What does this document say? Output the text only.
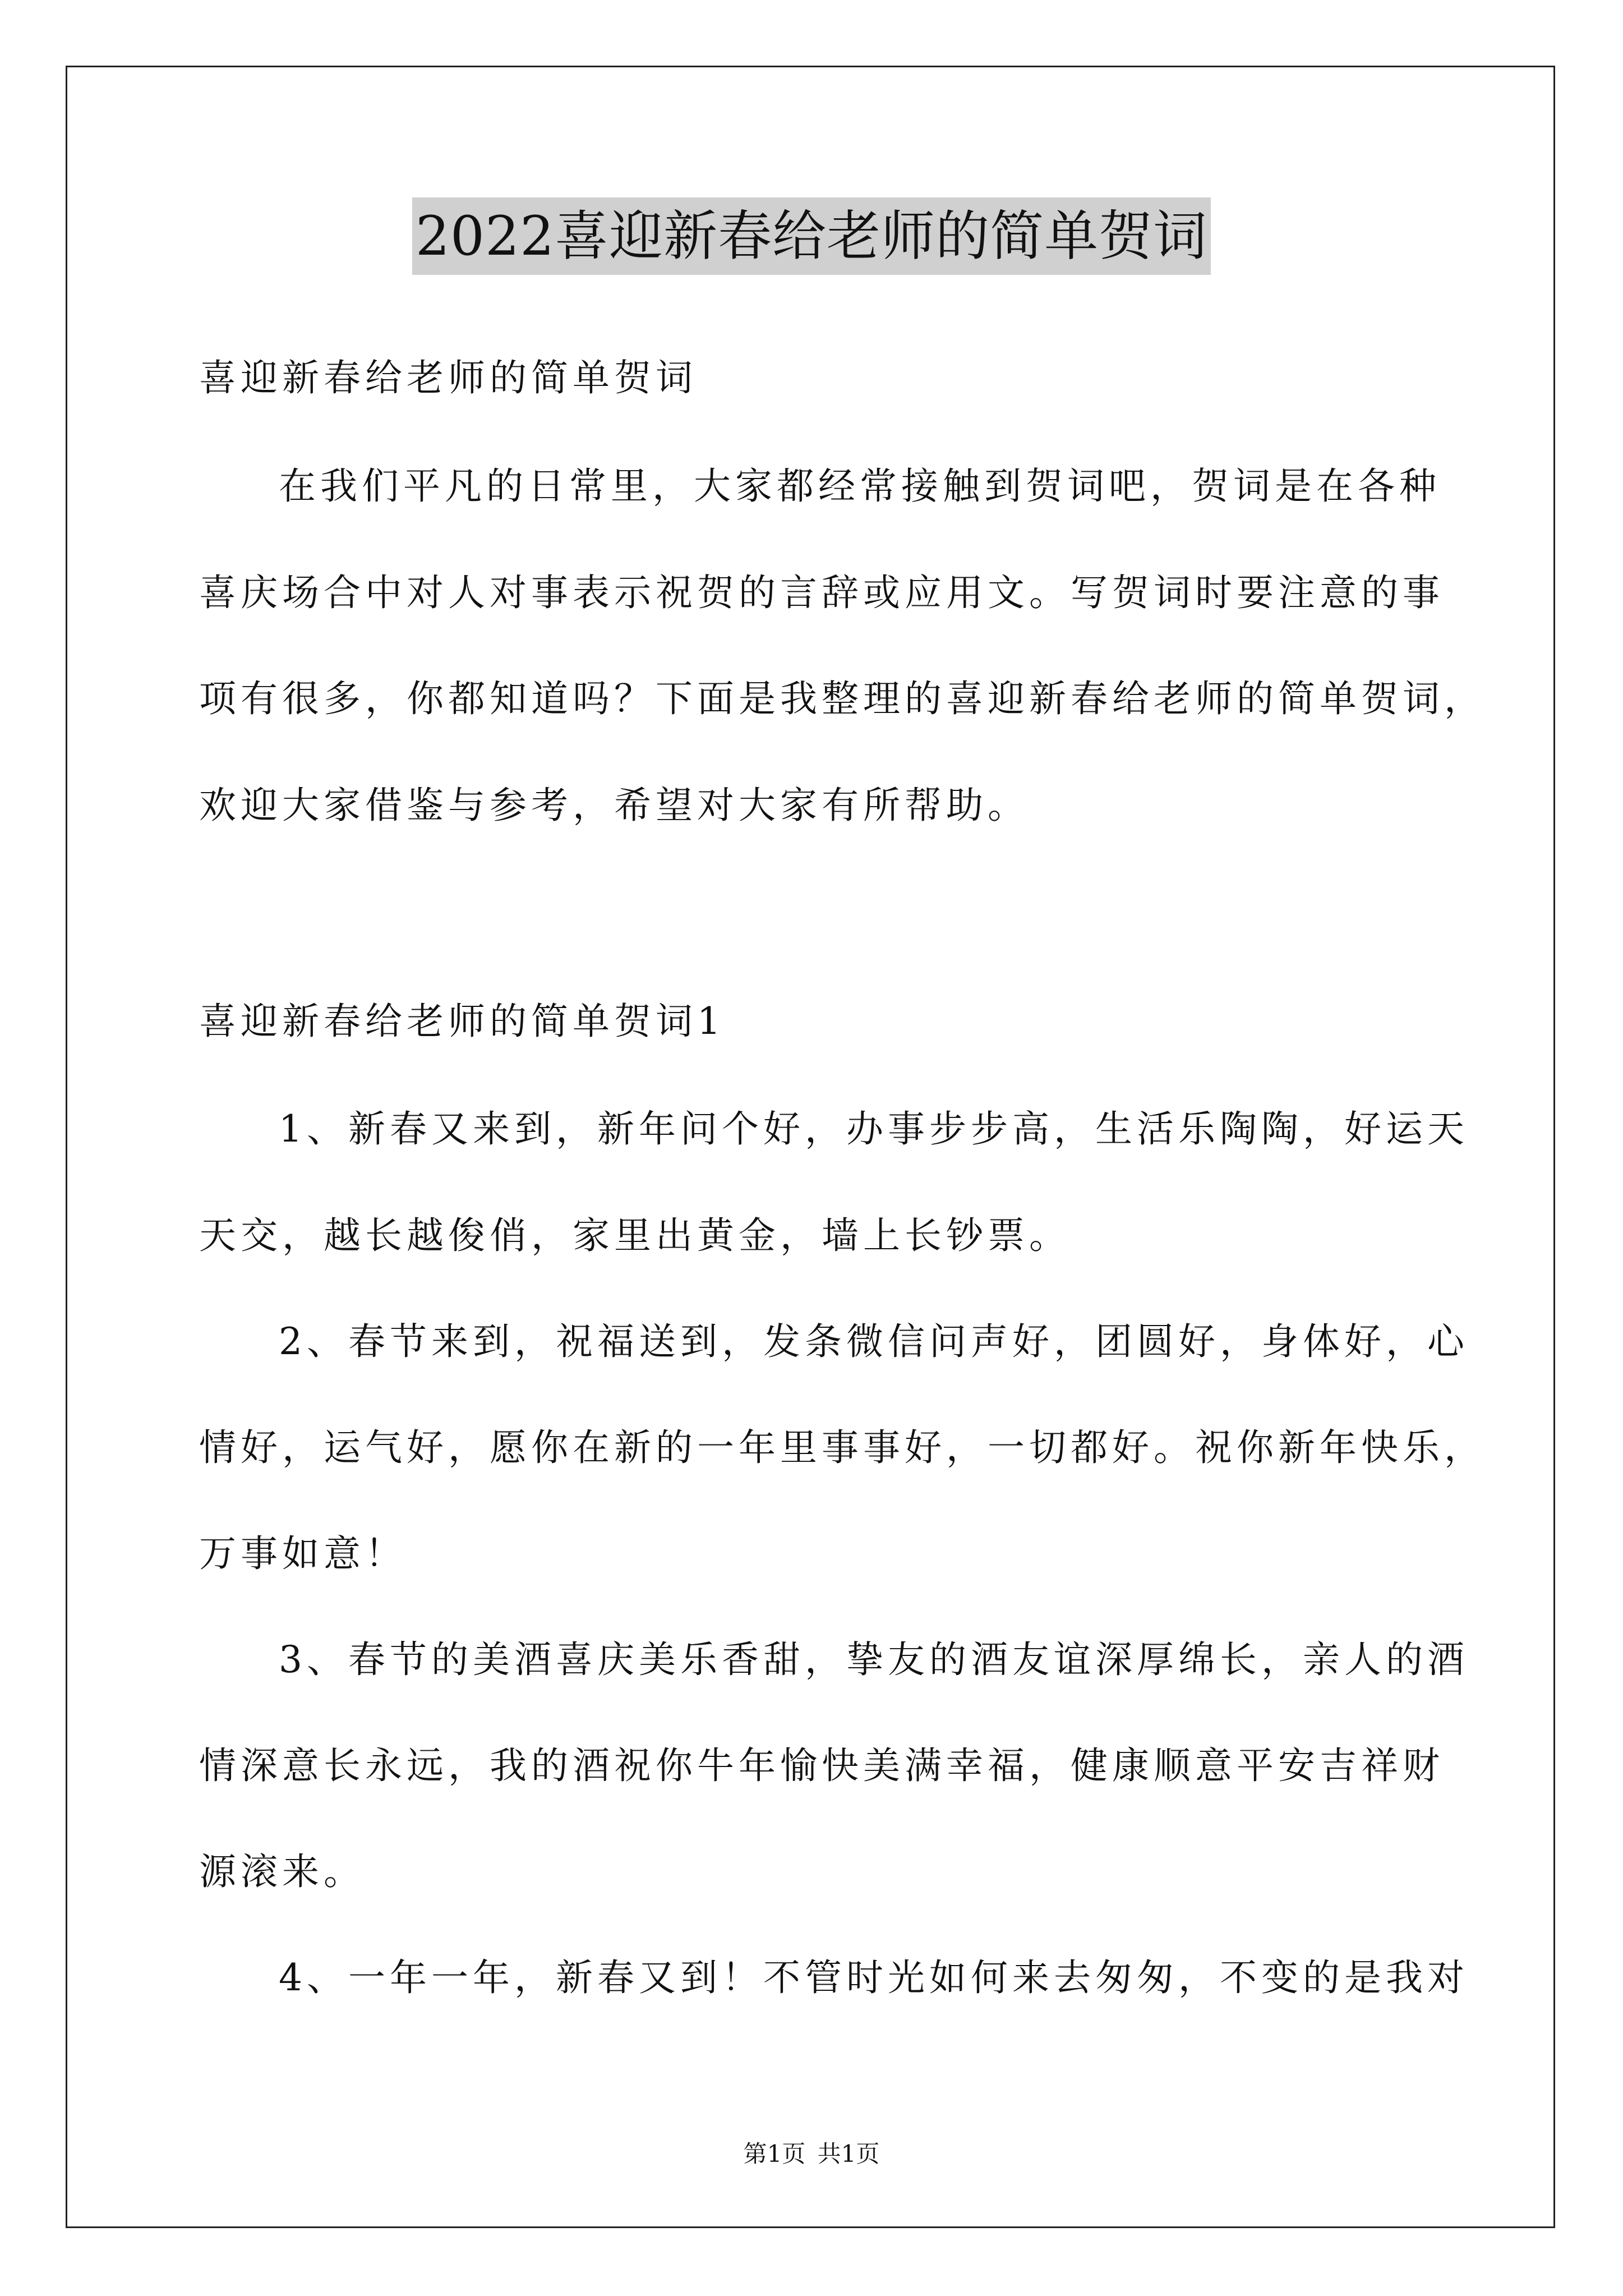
2022喜迎新春给老师的简单贺词
喜迎新春给老师的简单贺词
在我们平凡的日常里，大家都经常接触到贺词吧，贺词是在各种
喜庆场合中对人对事表示祝贺的言辞或应用文。写贺词时要注意的事
项有很多，你都知道吗？下面是我整理的喜迎新春给老师的简单贺词，
欢迎大家借鉴与参考，希望对大家有所帮助。
喜迎新春给老师的简单贺词1
1、新春又来到，新年问个好，办事步步高，生活乐陶陶，好运天
天交，越长越俊俏，家里出黄金，墙上长钞票。
2、春节来到，祝福送到，发条微信问声好，团圆好，身体好，心
情好，运气好，愿你在新的一年里事事好，一切都好。祝你新年快乐，
万事如意！
3、春节的美酒喜庆美乐香甜，挚友的酒友谊深厚绵长，亲人的酒
情深意长永远，我的酒祝你牛年愉快美满幸福，健康顺意平安吉祥财
源滚来。
4、一年一年，新春又到！不管时光如何来去匆匆，不变的是我对
第1页 共1页
